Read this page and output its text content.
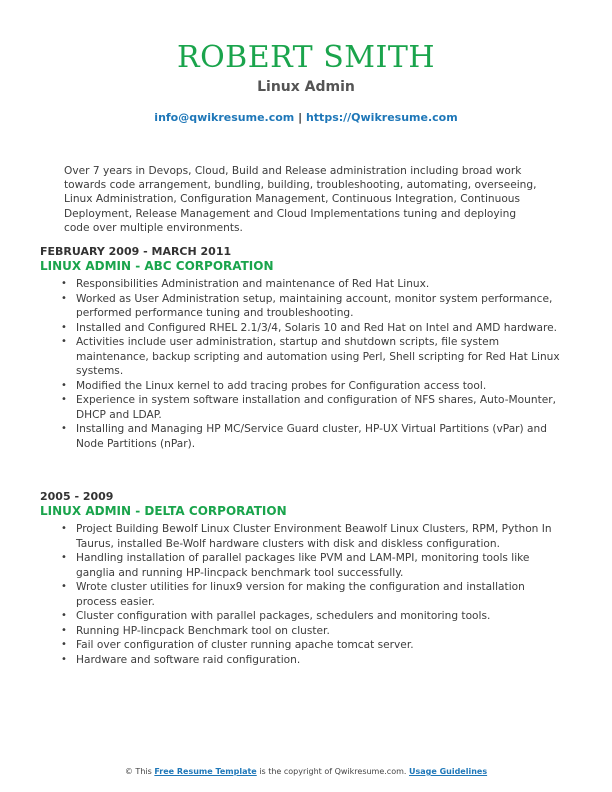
ROBERT SMITH
Linux Admin
info@qwikresume.com | https://Qwikresume.com
Over 7 years in Devops, Cloud, Build and Release administration including broad work towards code arrangement, bundling, building, troubleshooting, automating, overseeing, Linux Administration, Configuration Management, Continuous Integration, Continuous Deployment, Release Management and Cloud Implementations tuning and deploying code over multiple environments.
FEBRUARY 2009 - MARCH 2011
LINUX ADMIN - ABC CORPORATION
• Responsibilities Administration and maintenance of Red Hat Linux.
• Worked as User Administration setup, maintaining account, monitor system performance, performed performance tuning and troubleshooting.
• Installed and Configured RHEL 2.1/3/4, Solaris 10 and Red Hat on Intel and AMD hardware.
• Activities include user administration, startup and shutdown scripts, file system maintenance, backup scripting and automation using Perl, Shell scripting for Red Hat Linux systems.
• Modified the Linux kernel to add tracing probes for Configuration access tool.
• Experience in system software installation and configuration of NFS shares, Auto-Mounter, DHCP and LDAP.
• Installing and Managing HP MC/Service Guard cluster, HP-UX Virtual Partitions (vPar) and Node Partitions (nPar).
2005 - 2009
LINUX ADMIN - DELTA CORPORATION
• Project Building Bewolf Linux Cluster Environment Beawolf Linux Clusters, RPM, Python In Taurus, installed Be-Wolf hardware clusters with disk and diskless configuration.
• Handling installation of parallel packages like PVM and LAM-MPI, monitoring tools like ganglia and running HP-lincpack benchmark tool successfully.
• Wrote cluster utilities for linux9 version for making the configuration and installation process easier.
• Cluster configuration with parallel packages, schedulers and monitoring tools.
• Running HP-lincpack Benchmark tool on cluster.
• Fail over configuration of cluster running apache tomcat server.
• Hardware and software raid configuration.
© This Free Resume Template is the copyright of Qwikresume.com. Usage Guidelines
